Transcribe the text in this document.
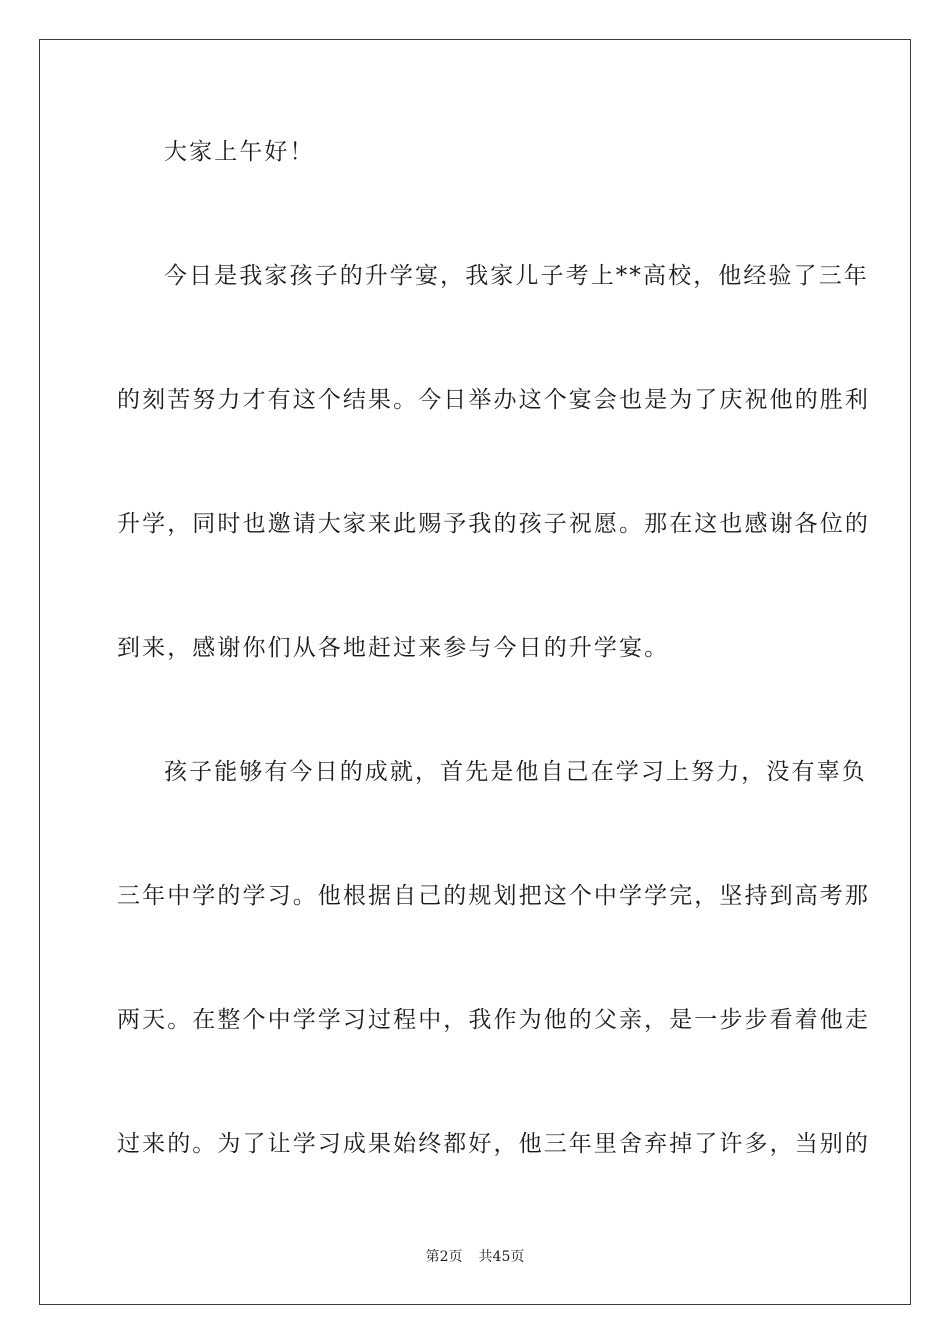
大家上午好！
今日是我家孩子的升学宴，我家儿子考上**高校，他经验了三年
的刻苦努力才有这个结果。今日举办这个宴会也是为了庆祝他的胜利
升学，同时也邀请大家来此赐予我的孩子祝愿。那在这也感谢各位的
到来，感谢你们从各地赶过来参与今日的升学宴。
孩子能够有今日的成就，首先是他自己在学习上努力，没有辜负
三年中学的学习。他根据自己的规划把这个中学学完，坚持到高考那
两天。在整个中学学习过程中，我作为他的父亲，是一步步看着他走
过来的。为了让学习成果始终都好，他三年里舍弃掉了许多，当别的
第2页 共45页
